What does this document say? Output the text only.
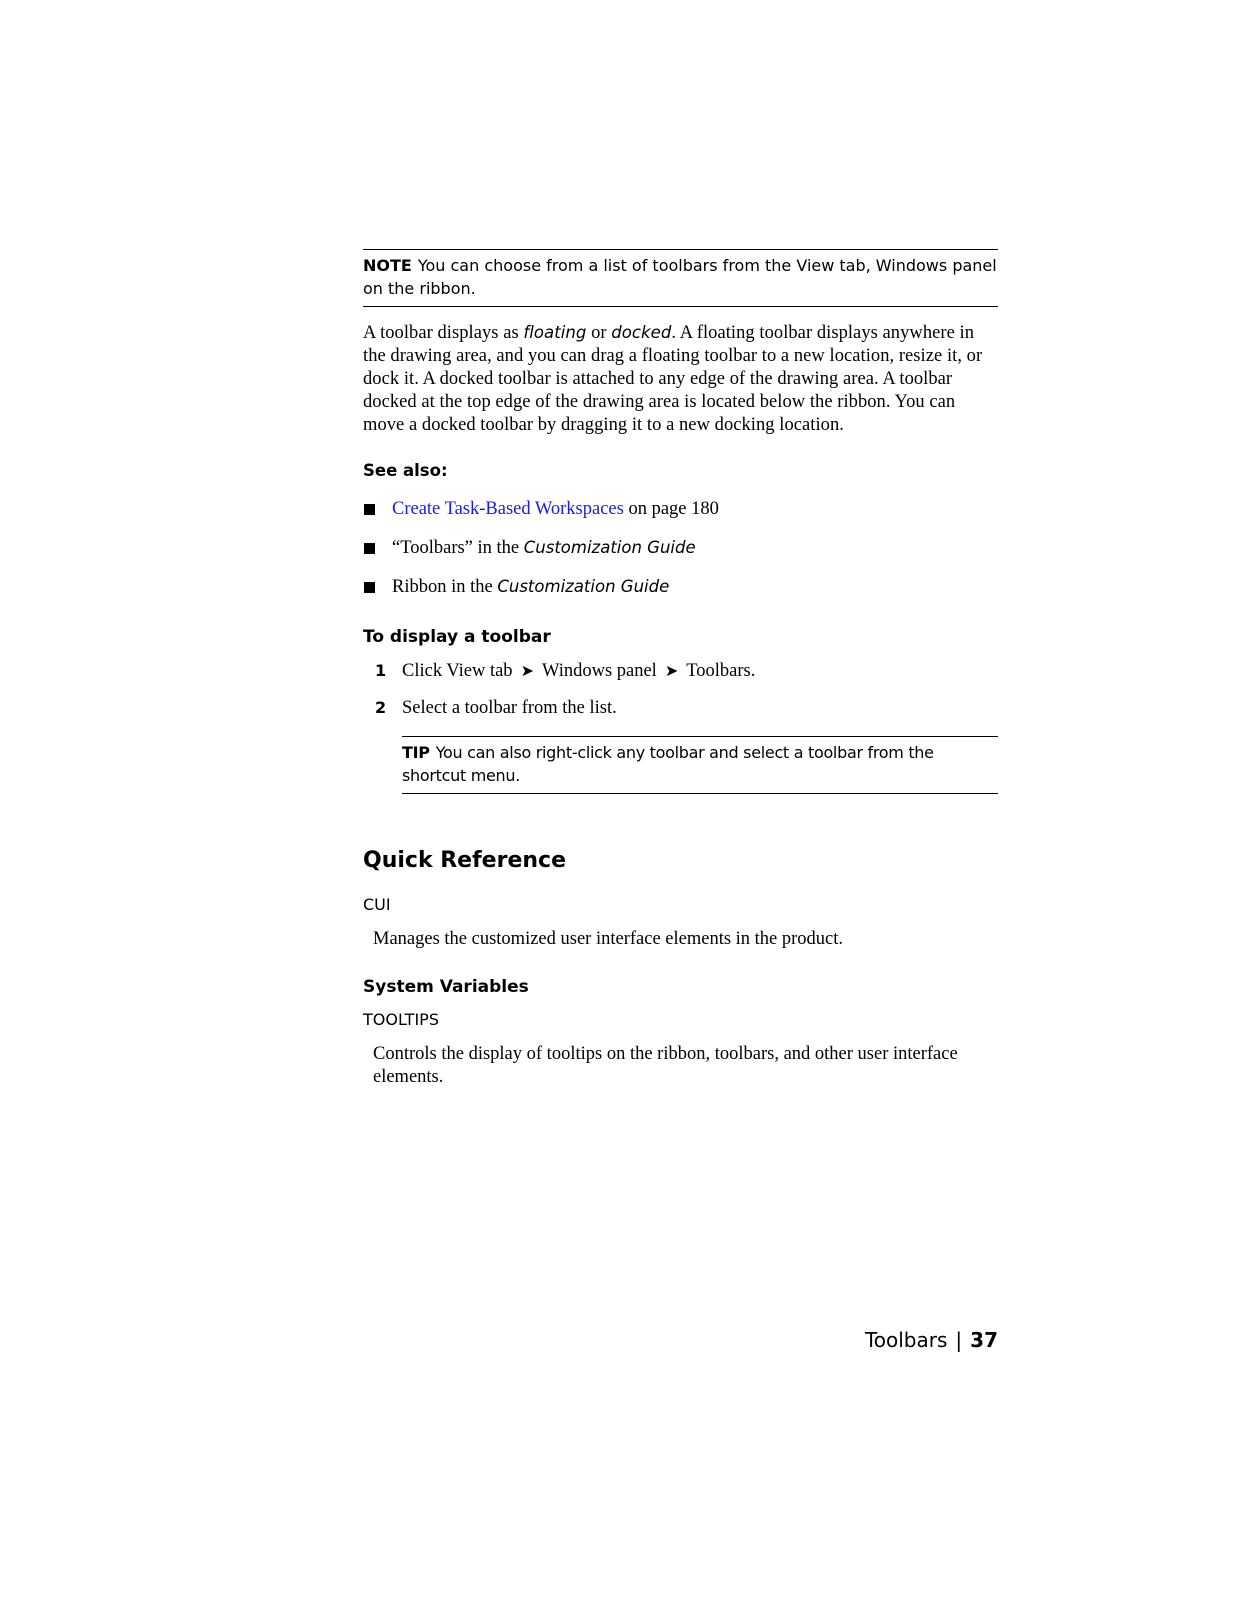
NOTE You can choose from a list of toolbars from the View tab, Windows panel on the ribbon.
A toolbar displays as floating or docked. A floating toolbar displays anywhere in the drawing area, and you can drag a floating toolbar to a new location, resize it, or dock it. A docked toolbar is attached to any edge of the drawing area. A toolbar docked at the top edge of the drawing area is located below the ribbon. You can move a docked toolbar by dragging it to a new docking location.
See also:
Create Task-Based Workspaces on page 180
“Toolbars” in the Customization Guide
Ribbon in the Customization Guide
To display a toolbar
1 Click View tab ➤ Windows panel ➤ Toolbars.
2 Select a toolbar from the list.
TIP You can also right-click any toolbar and select a toolbar from the shortcut menu.
Quick Reference
CUI
Manages the customized user interface elements in the product.
System Variables
TOOLTIPS
Controls the display of tooltips on the ribbon, toolbars, and other user interface elements.
Toolbars | 37
